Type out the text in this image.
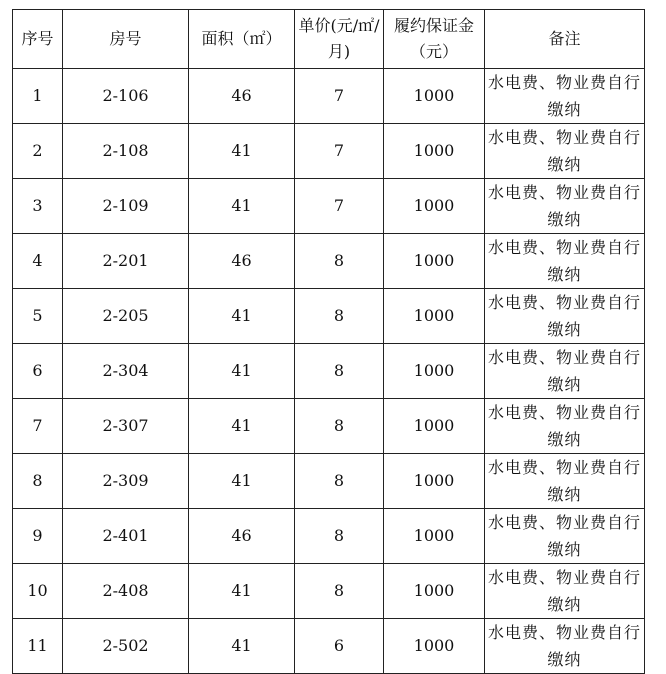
序号	房号	面积（㎡）	单价(元/㎡/月)	履约保证金（元）	备注
1	2-106	46	7	1000	水电费、物业费自行缴纳
2	2-108	41	7	1000	水电费、物业费自行缴纳
3	2-109	41	7	1000	水电费、物业费自行缴纳
4	2-201	46	8	1000	水电费、物业费自行缴纳
5	2-205	41	8	1000	水电费、物业费自行缴纳
6	2-304	41	8	1000	水电费、物业费自行缴纳
7	2-307	41	8	1000	水电费、物业费自行缴纳
8	2-309	41	8	1000	水电费、物业费自行缴纳
9	2-401	46	8	1000	水电费、物业费自行缴纳
10	2-408	41	8	1000	水电费、物业费自行缴纳
11	2-502	41	6	1000	水电费、物业费自行缴纳
